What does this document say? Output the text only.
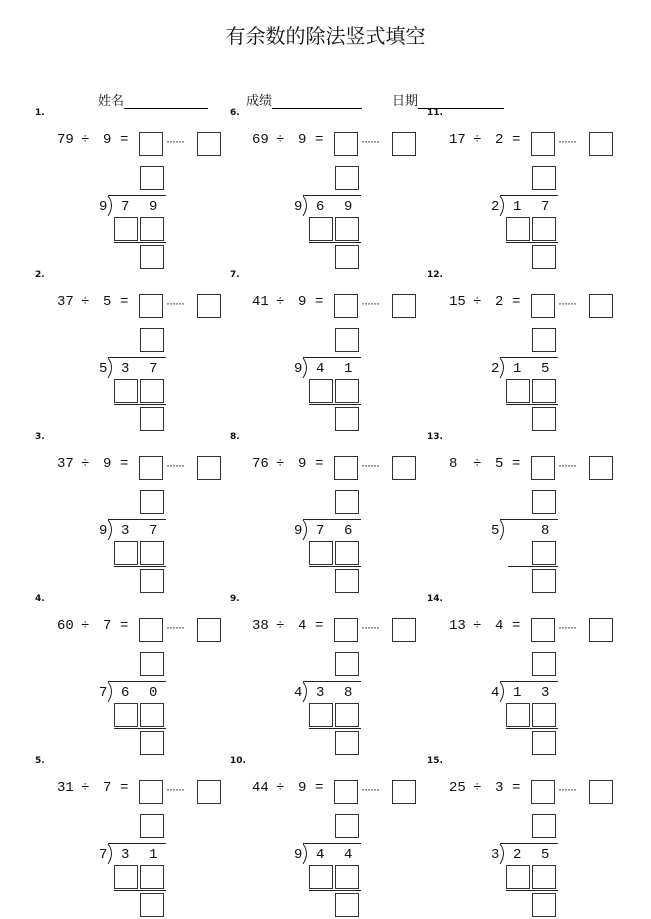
有余数的除法竖式填空
姓名	成绩	日期
1.
79 ÷ 9 =	······
9 7 9
2.
37 ÷ 5 =	······
5 3 7
3.
37 ÷ 9 =	······
9 3 7
4.
60 ÷ 7 =	······
7 6 0
5.
31 ÷ 7 =	······
7 3 1
6.
69 ÷ 9 =	······
9 6 9
7.
41 ÷ 9 =	······
9 4 1
8.
76 ÷ 9 =	······
9 7 6
9.
38 ÷ 4 =	······
4 3 8
10.
44 ÷ 9 =	······
9 4 4
11.
17 ÷ 2 =	······
2 1 7
12.
15 ÷ 2 =	······
2 1 5
13.
8 ÷ 5 =	······
5	8
14.
13 ÷ 4 =	······
4 1 3
15.
25 ÷ 3 =	······
3 2 5
